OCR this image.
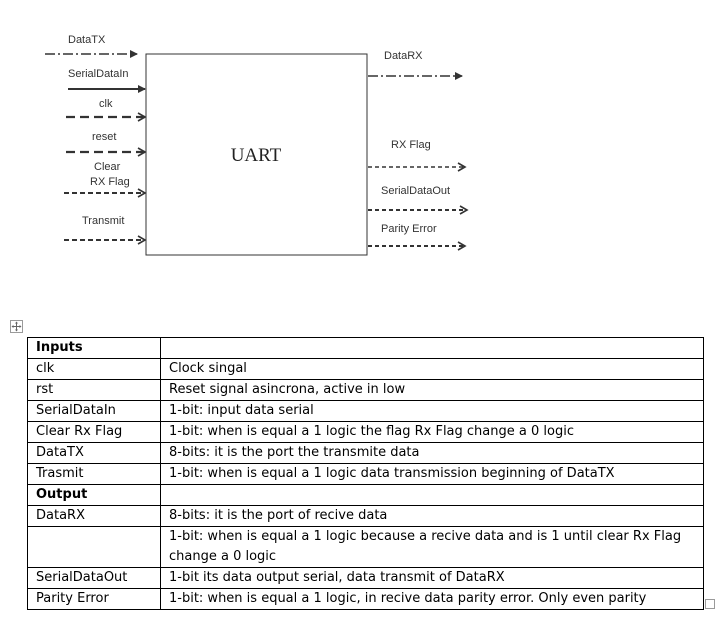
UART
DataTX
SerialDataIn
clk
reset
Clear
RX Flag
Transmit
DataRX
RX Flag
SerialDataOut
Parity Error
Inputs	
clk	Clock singal
rst	Reset signal asincrona, active in low
SerialDataIn	1-bit: input data serial
Clear Rx Flag	1-bit: when is equal a 1 logic the flag Rx Flag change a 0 logic
DataTX	8-bits: it is the port the transmite data
Trasmit	1-bit: when is equal a 1 logic data transmission beginning of DataTX
Output	
DataRX	8-bits: it is the port of recive data
	1-bit: when is equal a 1 logic because a recive data and is 1 until clear Rx Flag change a 0 logic
SerialDataOut	1-bit its data output serial, data transmit of DataRX
Parity Error	1-bit: when is equal a 1 logic, in recive data parity error. Only even parity
